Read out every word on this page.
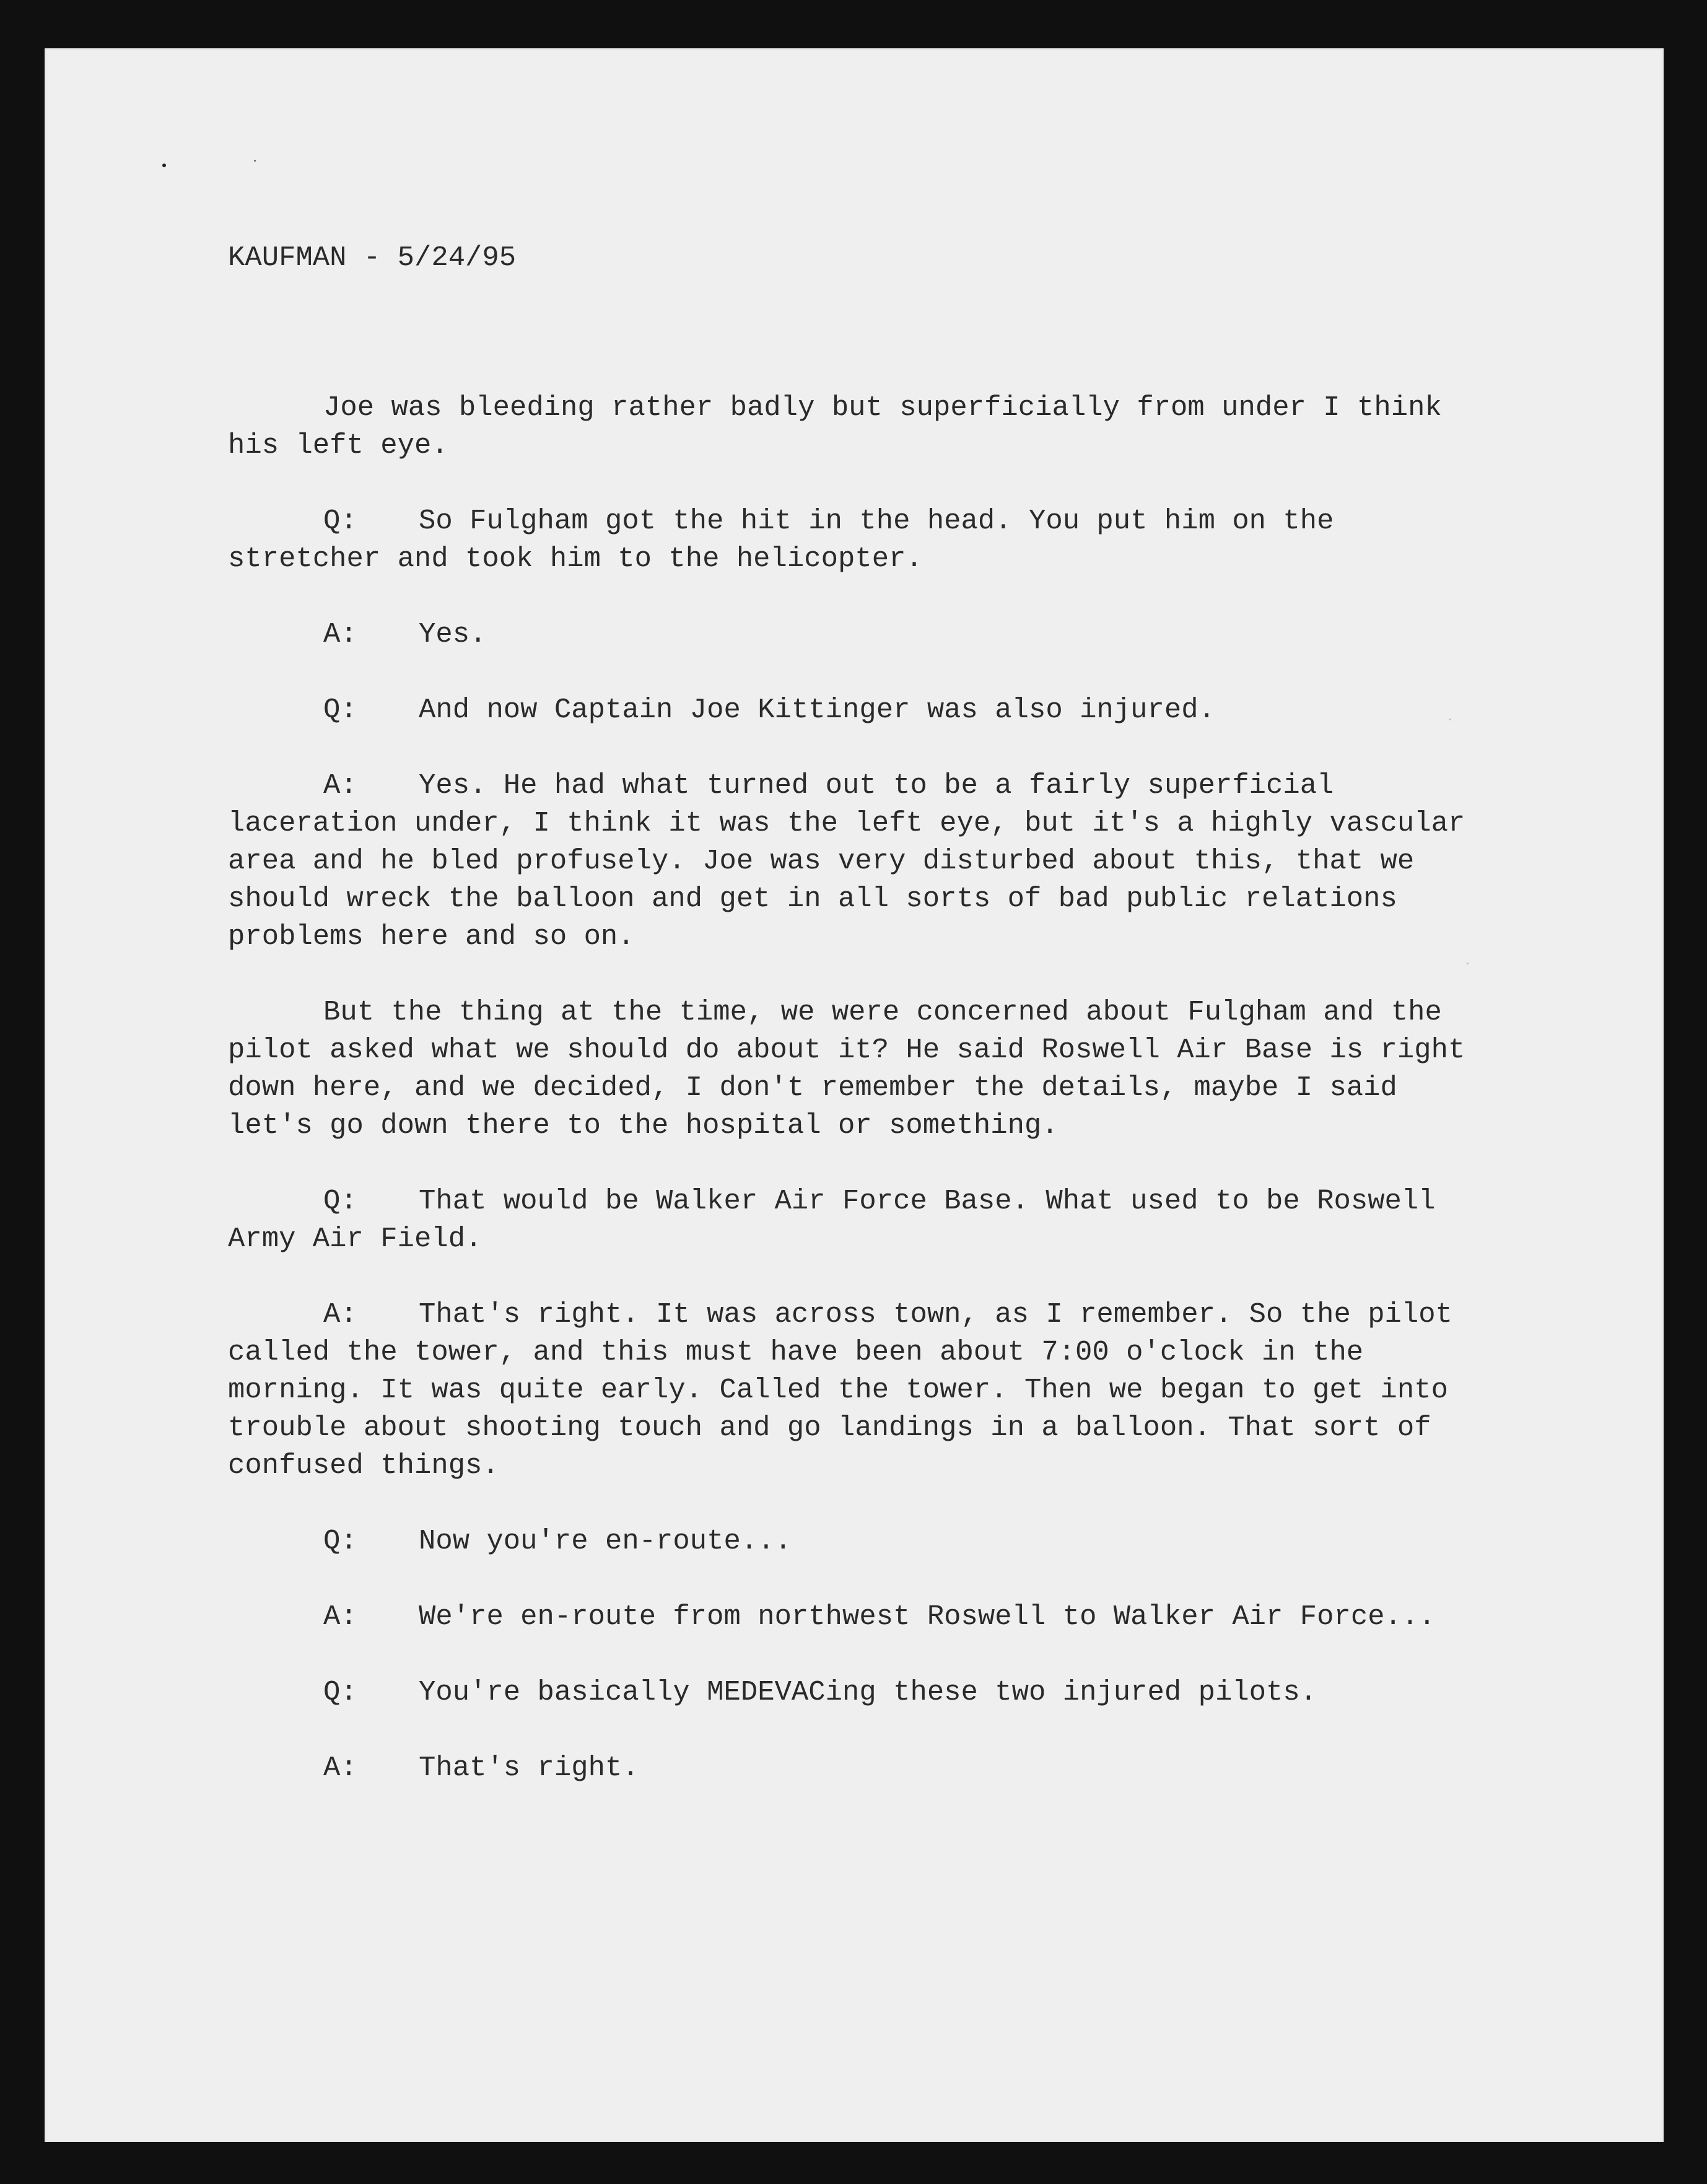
KAUFMAN - 5/24/95

Joe was bleeding rather badly but superficially from under I think his left eye.

Q: So Fulgham got the hit in the head. You put him on the stretcher and took him to the helicopter.

A: Yes.

Q: And now Captain Joe Kittinger was also injured.

A: Yes. He had what turned out to be a fairly superficial laceration under, I think it was the left eye, but it's a highly vascular area and he bled profusely. Joe was very disturbed about this, that we should wreck the balloon and get in all sorts of bad public relations problems here and so on.

But the thing at the time, we were concerned about Fulgham and the pilot asked what we should do about it? He said Roswell Air Base is right down here, and we decided, I don't remember the details, maybe I said let's go down there to the hospital or something.

Q: That would be Walker Air Force Base. What used to be Roswell Army Air Field.

A: That's right. It was across town, as I remember. So the pilot called the tower, and this must have been about 7:00 o'clock in the morning. It was quite early. Called the tower. Then we began to get into trouble about shooting touch and go landings in a balloon. That sort of confused things.

Q: Now you're en-route...

A: We're en-route from northwest Roswell to Walker Air Force...

Q: You're basically MEDEVACing these two injured pilots.

A: That's right.
